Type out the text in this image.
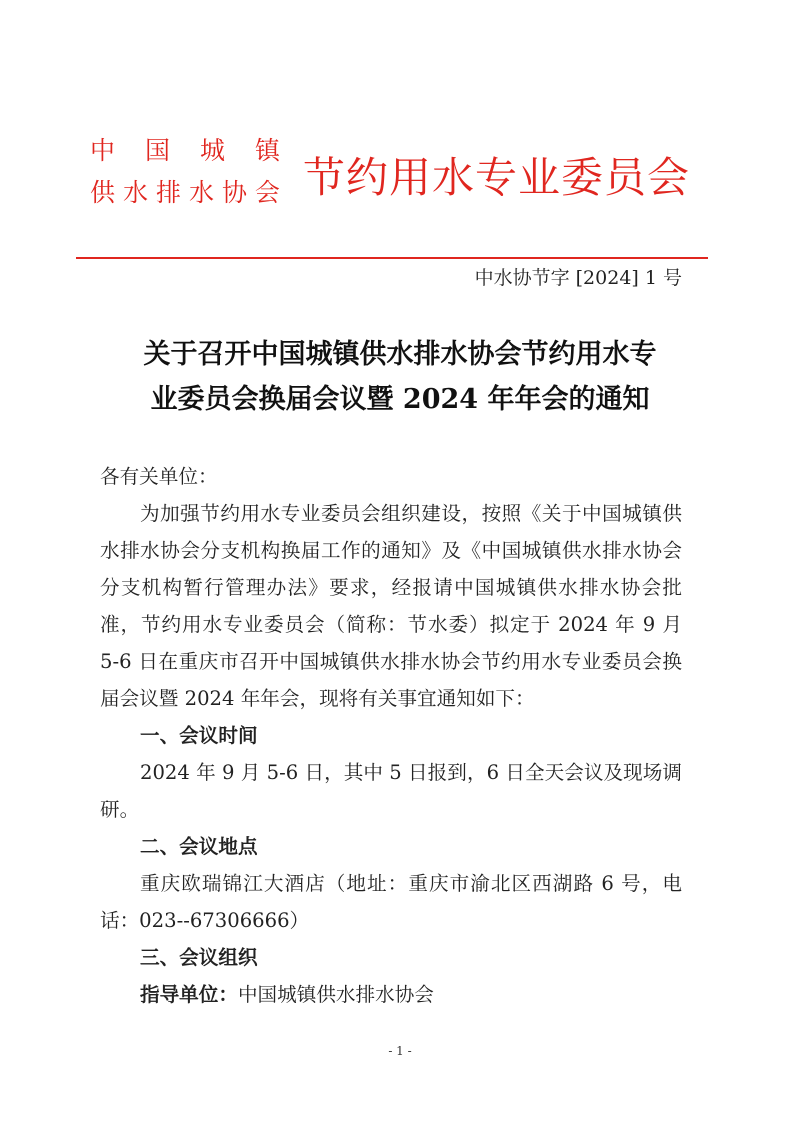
中 国 城 镇
供 水 排 水 协 会 节约用水专业委员会
中水协节字 [2024] 1 号
关于召开中国城镇供水排水协会节约用水专
业委员会换届会议暨 2024 年年会的通知

各有关单位：

为加强节约用水专业委员会组织建设，按照《关于中国城镇供水排水协会分支机构换届工作的通知》及《中国城镇供水排水协会分支机构暂行管理办法》要求，经报请中国城镇供水排水协会批准，节约用水专业委员会（简称：节水委）拟定于 2024 年 9 月 5-6 日在重庆市召开中国城镇供水排水协会节约用水专业委员会换届会议暨 2024 年年会，现将有关事宜通知如下：

一、会议时间

2024 年 9 月 5-6 日，其中 5 日报到，6 日全天会议及现场调研。

二、会议地点

重庆欧瑞锦江大酒店（地址：重庆市渝北区西湖路 6 号，电话：023--67306666）

三、会议组织

指导单位：中国城镇供水排水协会

- 1 -
